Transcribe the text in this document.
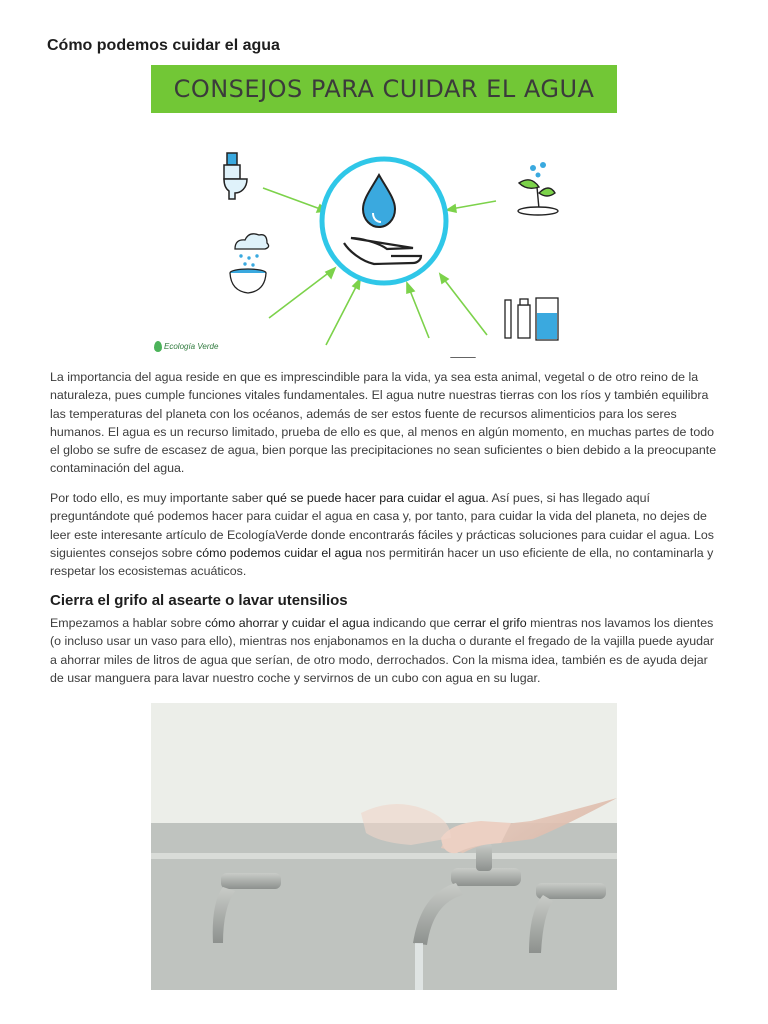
Cómo podemos cuidar el agua
CONSEJOS PARA CUIDAR EL AGUA
Ecología Verde

La importancia del agua reside en que es imprescindible para la vida, ya sea esta animal, vegetal o de otro reino de la naturaleza, pues cumple funciones vitales fundamentales. El agua nutre nuestras tierras con los ríos y también equilibra las temperaturas del planeta con los océanos, además de ser estos fuente de recursos alimenticios para los seres humanos. El agua es un recurso limitado, prueba de ello es que, al menos en algún momento, en muchas partes de todo el globo se sufre de escasez de agua, bien porque las precipitaciones no sean suficientes o bien debido a la preocupante contaminación del agua.

Por todo ello, es muy importante saber qué se puede hacer para cuidar el agua. Así pues, si has llegado aquí preguntándote qué podemos hacer para cuidar el agua en casa y, por tanto, para cuidar la vida del planeta, no dejes de leer este interesante artículo de EcologíaVerde donde encontrarás fáciles y prácticas soluciones para cuidar el agua. Los siguientes consejos sobre cómo podemos cuidar el agua nos permitirán hacer un uso eficiente de ella, no contaminarla y respetar los ecosistemas acuáticos.

Cierra el grifo al asearte o lavar utensilios

Empezamos a hablar sobre cómo ahorrar y cuidar el agua indicando que cerrar el grifo mientras nos lavamos los dientes (o incluso usar un vaso para ello), mientras nos enjabonamos en la ducha o durante el fregado de la vajilla puede ayudar a ahorrar miles de litros de agua que serían, de otro modo, derrochados. Con la misma idea, también es de ayuda dejar de usar manguera para lavar nuestro coche y servirnos de un cubo con agua en su lugar.
